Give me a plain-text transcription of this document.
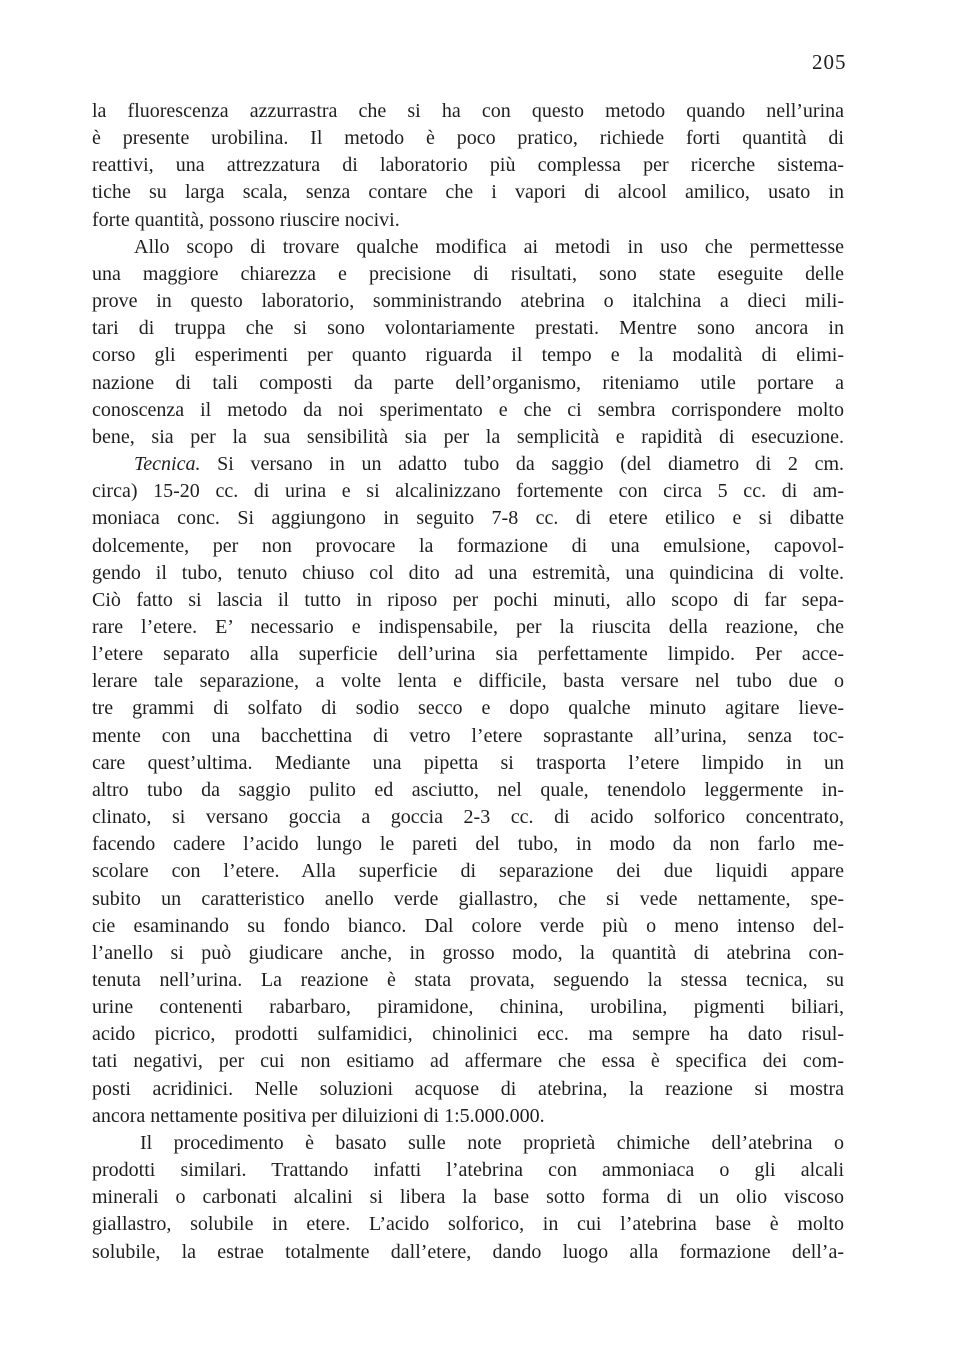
205
la fluorescenza azzurrastra che si ha con questo metodo quando nell’urina
è presente urobilina. Il metodo è poco pratico, richiede forti quantità di
reattivi, una attrezzatura di laboratorio più complessa per ricerche sistema-
tiche su larga scala, senza contare che i vapori di alcool amilico, usato in
forte quantità, possono riuscire nocivi.
Allo scopo di trovare qualche modifica ai metodi in uso che permettesse
una maggiore chiarezza e precisione di risultati, sono state eseguite delle
prove in questo laboratorio, somministrando atebrina o italchina a dieci mili-
tari di truppa che si sono volontariamente prestati. Mentre sono ancora in
corso gli esperimenti per quanto riguarda il tempo e la modalità di elimi-
nazione di tali composti da parte dell’organismo, riteniamo utile portare a
conoscenza il metodo da noi sperimentato e che ci sembra corrispondere molto
bene, sia per la sua sensibilità sia per la semplicità e rapidità di esecuzione.
Tecnica. Si versano in un adatto tubo da saggio (del diametro di 2 cm.
circa) 15-20 cc. di urina e si alcalinizzano fortemente con circa 5 cc. di am-
moniaca conc. Si aggiungono in seguito 7-8 cc. di etere etilico e si dibatte
dolcemente, per non provocare la formazione di una emulsione, capovol-
gendo il tubo, tenuto chiuso col dito ad una estremità, una quindicina di volte.
Ciò fatto si lascia il tutto in riposo per pochi minuti, allo scopo di far sepa-
rare l’etere. E’ necessario e indispensabile, per la riuscita della reazione, che
l’etere separato alla superficie dell’urina sia perfettamente limpido. Per acce-
lerare tale separazione, a volte lenta e difficile, basta versare nel tubo due o
tre grammi di solfato di sodio secco e dopo qualche minuto agitare lieve-
mente con una bacchettina di vetro l’etere soprastante all’urina, senza toc-
care quest’ultima. Mediante una pipetta si trasporta l’etere limpido in un
altro tubo da saggio pulito ed asciutto, nel quale, tenendolo leggermente in-
clinato, si versano goccia a goccia 2-3 cc. di acido solforico concentrato,
facendo cadere l’acido lungo le pareti del tubo, in modo da non farlo me-
scolare con l’etere. Alla superficie di separazione dei due liquidi appare
subito un caratteristico anello verde giallastro, che si vede nettamente, spe-
cie esaminando su fondo bianco. Dal colore verde più o meno intenso del-
l’anello si può giudicare anche, in grosso modo, la quantità di atebrina con-
tenuta nell’urina. La reazione è stata provata, seguendo la stessa tecnica, su
urine contenenti rabarbaro, piramidone, chinina, urobilina, pigmenti biliari,
acido picrico, prodotti sulfamidici, chinolinici ecc. ma sempre ha dato risul-
tati negativi, per cui non esitiamo ad affermare che essa è specifica dei com-
posti acridinici. Nelle soluzioni acquose di atebrina, la reazione si mostra
ancora nettamente positiva per diluizioni di 1:5.000.000.
Il procedimento è basato sulle note proprietà chimiche dell’atebrina o
prodotti similari. Trattando infatti l’atebrina con ammoniaca o gli alcali
minerali o carbonati alcalini si libera la base sotto forma di un olio viscoso
giallastro, solubile in etere. L’acido solforico, in cui l’atebrina base è molto
solubile, la estrae totalmente dall’etere, dando luogo alla formazione dell’a-
